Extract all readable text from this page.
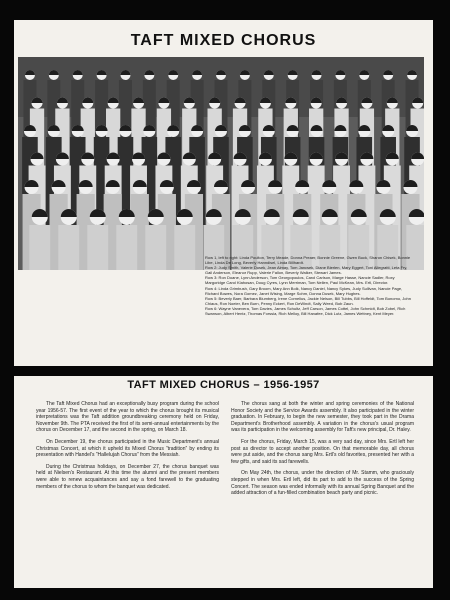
TAFT MIXED CHORUS

Row 1, left to right: Linda Poulton, Terry Meade, Donna Preaer, Bonnie Greene, Gwen Buck, Sharon Chisek, Bonnie Libe, Linda De Long, Beverly Hanndisel, Linda Billhardt.

Row 2: Judy Smith, Valerie Dusek, Jean Almay, Tom Jancsek, Diane Bierlen, Mary Eggert, Toni Allegratti, Leta Fry, Gail Anderson, Eleanor Rupp, Valerie Fallon, Beverly Walker, Stewart James.

Row 3: Ron Doane, Lynn Anderson, Tom Georgopoulos, Carol Carlson, Marge Hasse, Nancie Sadler, Roxy Margoridge Carol Klahosan, Doug Cyres, Lynn Merriman, Tom Nellen, Paul McKean, Mrs. Ertl, Director.

Row 4: Linda Grimbush, Gary Broom, Mary Ann Bolk, Nancy Daniel, Nancy Sykes, Judy Sullivan, Nancie Page, Richard Bowes, Nora Gomez, Janet Wising, Marge Sohm, Donna Dusek, Mary Hughes.

Row 5: Beverly Baer, Barbara Blumberg, Irene Cornelius, Jackie Nelson, Bill Tubbs, Bill Hoffeldt, Tom Bonomo, John Chiaus, Ron Noeier, Ben Burn, Penny Eckert, Ron DeWindt, Sally Weed, Bob Zaun.

Row 6: Wayne Vanevera, Tom Davies, James Schultz, Jeff Carson, James Cottel, John Schmidt, Bob Zobel, Rich Swanson, Albert Hentz, Thomas Forssia, Rich Melloy, Bill Hanafee, Dick Lutz, James Wettney, Kent Meyer.

TAFT MIXED CHORUS – 1956-1957

The Taft Mixed Chorus had an exceptionally busy program during the school year 1956-57. The first event of the year to which the chorus brought its musical interpretations was the Taft addition groundbreaking ceremony held on Friday, November 9th. The PTA received the first of its semi-annual entertainments by the chorus on December 17, and the second in the spring, on March 18.

On December 19, the chorus participated in the Music Department's annual Christmas Concert, at which it upheld its Mixed Chorus “tradition” by ending its presentation with Handel's “Hallelujah Chorus” from the Messiah.

During the Christmas holidays, on December 27, the chorus banquet was held at Nielsen's Restaurant. At this time the alumni and the present members were able to renew acquaintances and say a fond farewell to the graduating members of the chorus to whom the banquet was dedicated.

The chorus sang at both the winter and spring ceremonies of the National Honor Society and the Service Awards assembly. It also participated in the winter graduation. In February, to begin the new semester, they took part in the Drama Department's Brotherhood assembly. A variation in the chorus's usual program was its participation in the welcoming assembly for Taft's new principal, Dr. Haley.

For the chorus, Friday, March 15, was a very sad day, since Mrs. Ertl left her post as director to accept another position. On that memorable day, all chorus were put aside, and the chorus sang Mrs. Ertl's old favorites, presented her with a few gifts, and said its sad farewells.

On May 24th, the chorus, under the direction of Mr. Stamm, who graciously stepped in when Mrs. Ertl left, did its part to add to the success of the Spring Concert. The season was ended informally with its annual Spring Banquet and the added attraction of a fun-filled combination beach party and picnic.
